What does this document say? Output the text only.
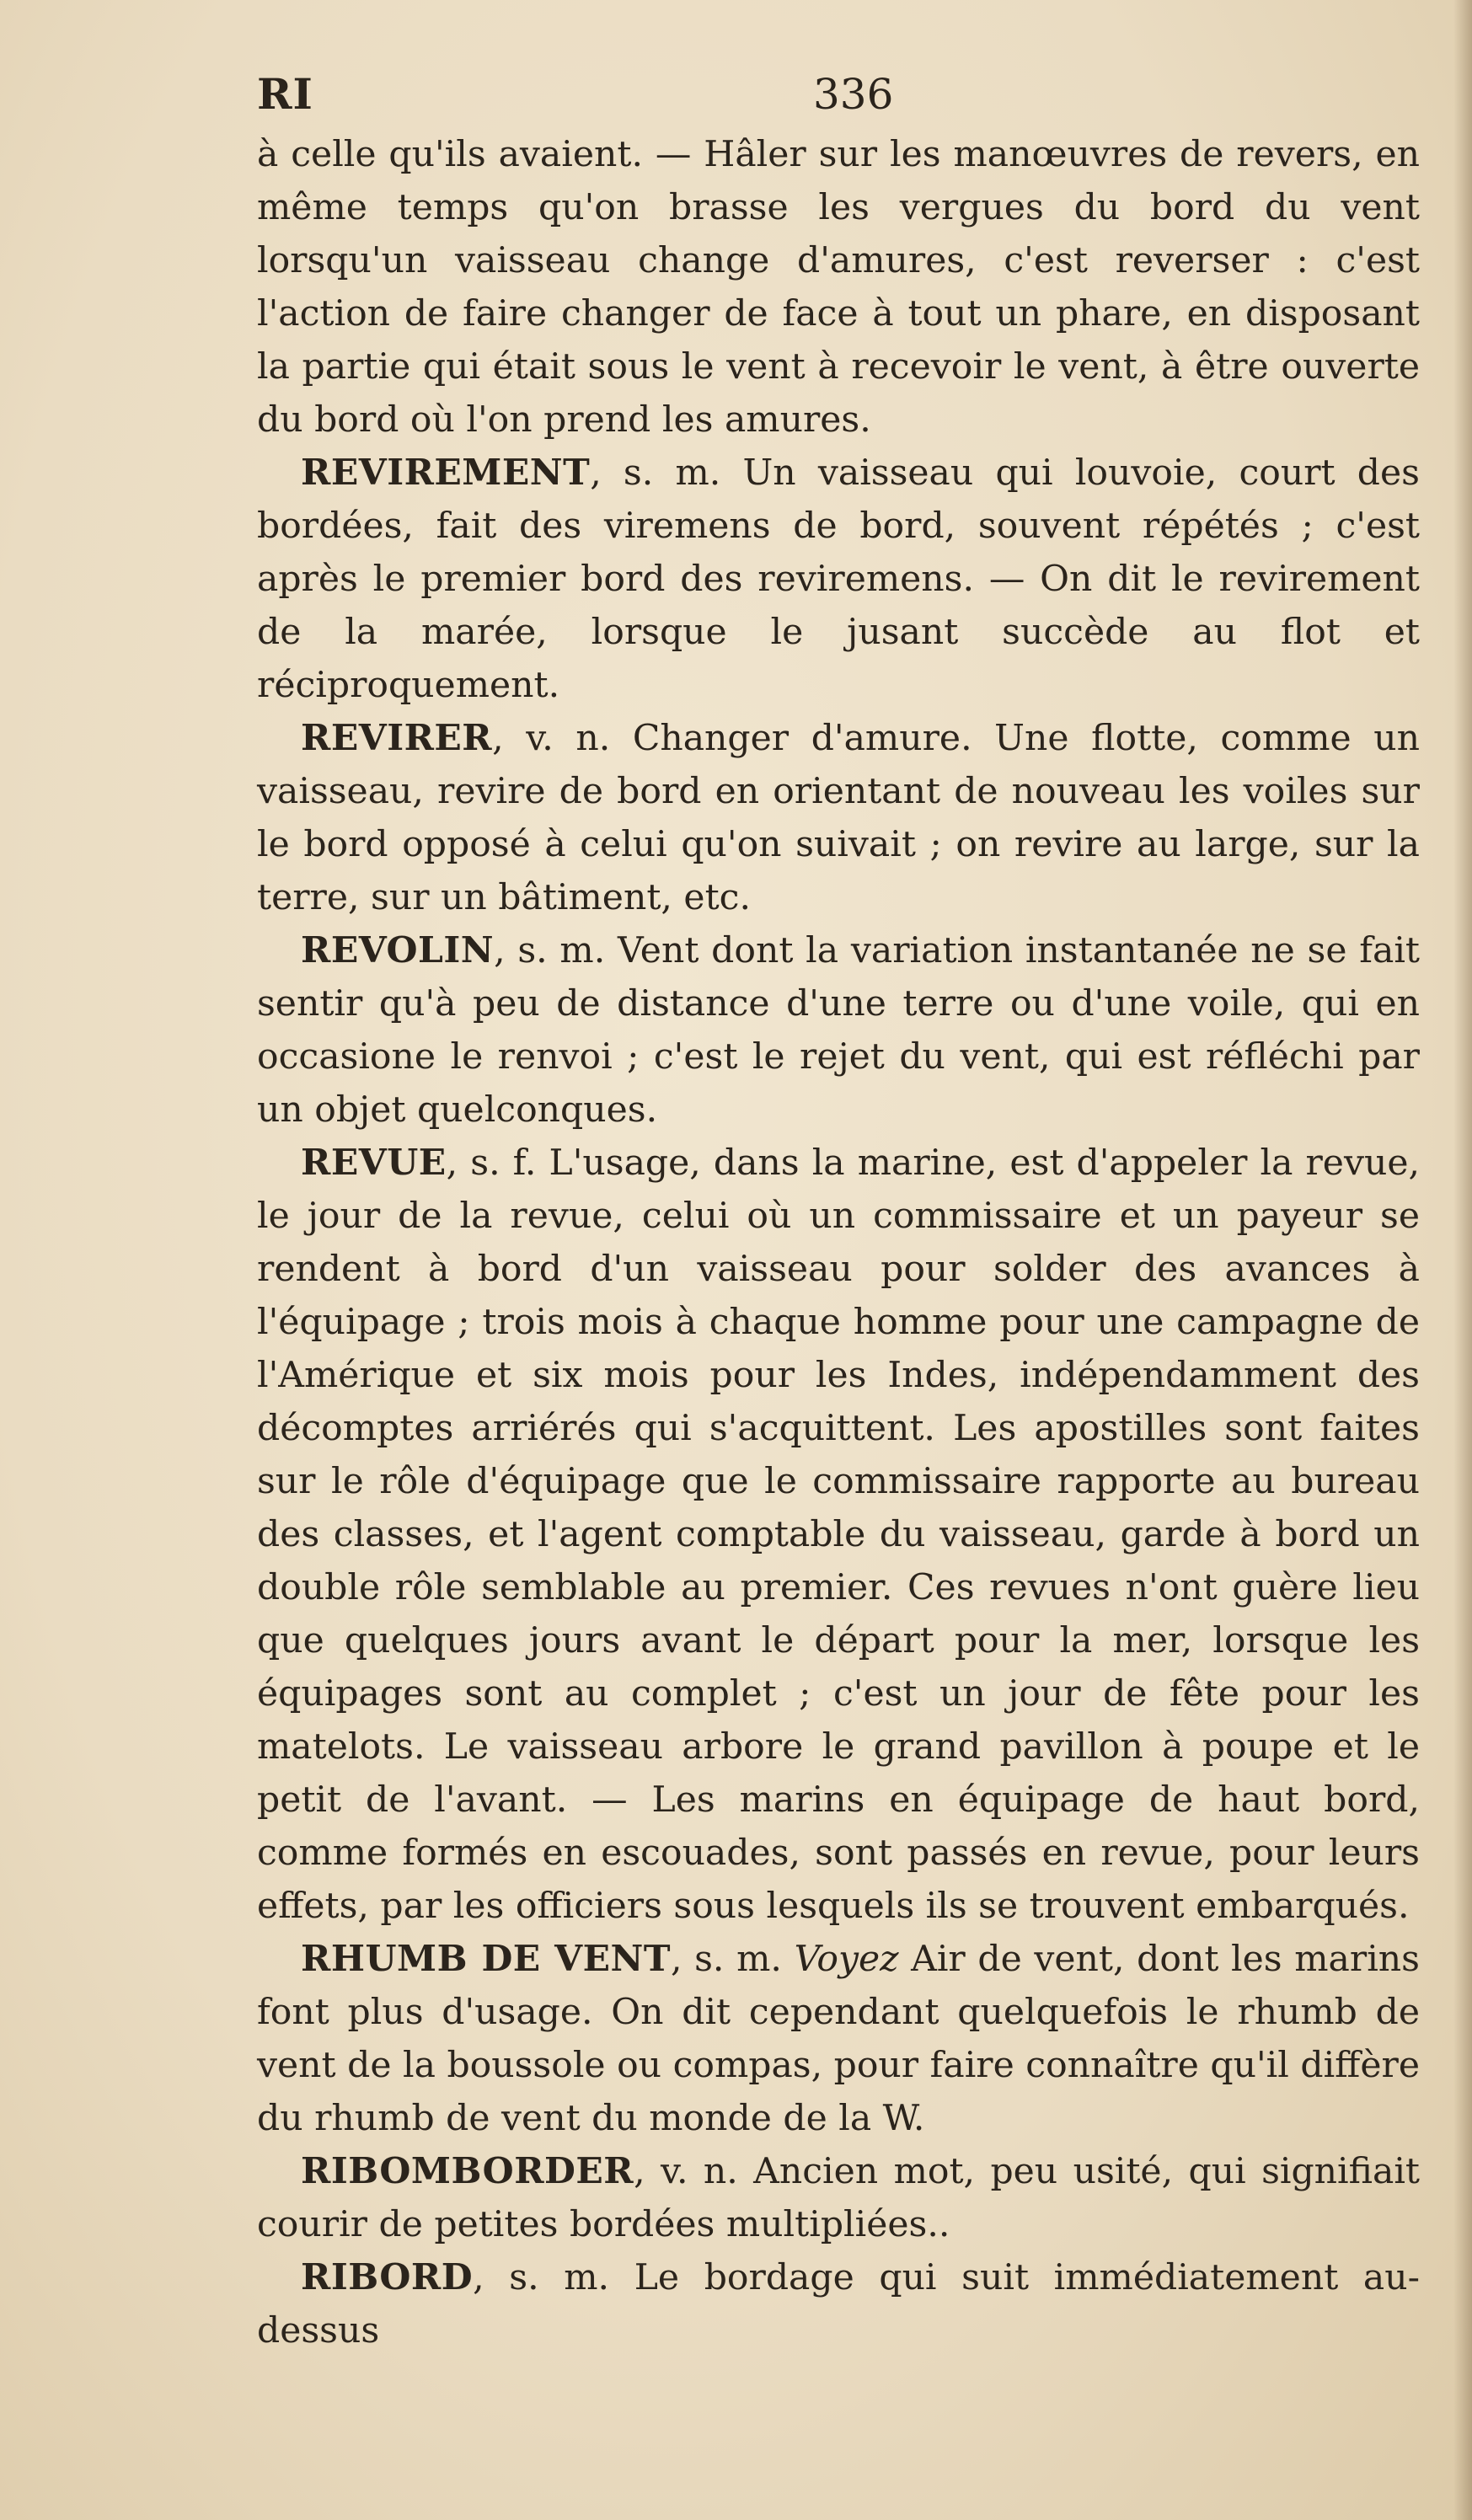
RI	336

à celle qu'ils avaient. — Hâler sur les manœuvres de revers, en même temps qu'on brasse les vergues du bord du vent lorsqu'un vaisseau change d'amures, c'est reverser : c'est l'action de faire changer de face à tout un phare, en disposant la partie qui était sous le vent à recevoir le vent, à être ouverte du bord où l'on prend les amures.

REVIREMENT, s. m. Un vaisseau qui louvoie, court des bordées, fait des viremens de bord, souvent répétés ; c'est après le premier bord des reviremens. — On dit le revirement de la marée, lorsque le jusant succède au flot et réciproquement.

REVIRER, v. n. Changer d'amure. Une flotte, comme un vaisseau, revire de bord en orientant de nouveau les voiles sur le bord opposé à celui qu'on suivait ; on revire au large, sur la terre, sur un bâtiment, etc.

REVOLIN, s. m. Vent dont la variation instantanée ne se fait sentir qu'à peu de distance d'une terre ou d'une voile, qui en occasione le renvoi ; c'est le rejet du vent, qui est réfléchi par un objet quelconques.

REVUE, s. f. L'usage, dans la marine, est d'appeler la revue, le jour de la revue, celui où un commissaire et un payeur se rendent à bord d'un vaisseau pour solder des avances à l'équipage ; trois mois à chaque homme pour une campagne de l'Amérique et six mois pour les Indes, indépendamment des décomptes arriérés qui s'acquittent. Les apostilles sont faites sur le rôle d'équipage que le commissaire rapporte au bureau des classes, et l'agent comptable du vaisseau, garde à bord un double rôle semblable au premier. Ces revues n'ont guère lieu que quelques jours avant le départ pour la mer, lorsque les équipages sont au complet ; c'est un jour de fête pour les matelots. Le vaisseau arbore le grand pavillon à poupe et le petit de l'avant. — Les marins en équipage de haut bord, comme formés en escouades, sont passés en revue, pour leurs effets, par les officiers sous lesquels ils se trouvent embarqués.

RHUMB DE VENT, s. m. Voyez Air de vent, dont les marins font plus d'usage. On dit cependant quelquefois le rhumb de vent de la boussole ou compas, pour faire connaître qu'il diffère du rhumb de vent du monde de la W.

RIBOMBORDER, v. n. Ancien mot, peu usité, qui signifiait courir de petites bordées multipliées..

RIBORD, s. m. Le bordage qui suit immédiatement au-dessus
